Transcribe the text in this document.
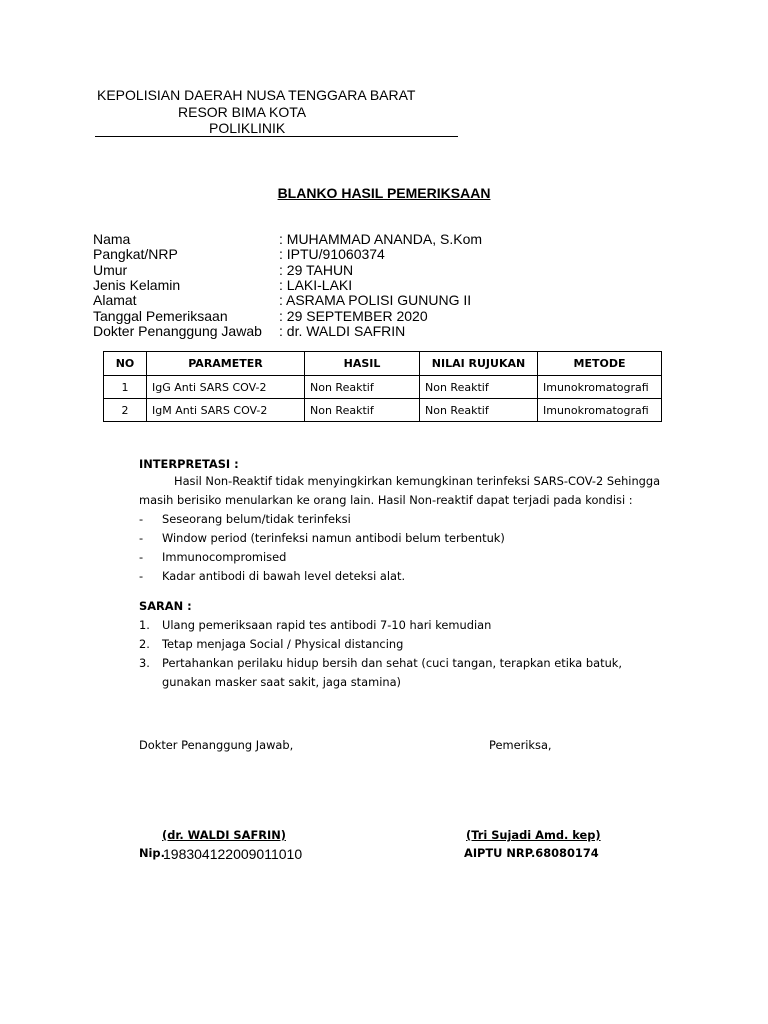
KEPOLISIAN DAERAH NUSA TENGGARA BARAT
RESOR BIMA KOTA
POLIKLINIK
BLANKO HASIL PEMERIKSAAN
Nama	: MUHAMMAD ANANDA, S.Kom
Pangkat/NRP	: IPTU/91060374
Umur	: 29 TAHUN
Jenis Kelamin	: LAKI-LAKI
Alamat	: ASRAMA POLISI GUNUNG II
Tanggal Pemeriksaan	: 29 SEPTEMBER 2020
Dokter Penanggung Jawab : dr. WALDI SAFRIN
NO	PARAMETER	HASIL	NILAI RUJUKAN	METODE
1	IgG Anti SARS COV-2	Non Reaktif	Non Reaktif	Imunokromatografi
2	IgM Anti SARS COV-2	Non Reaktif	Non Reaktif	Imunokromatografi
INTERPRETASI :
Hasil Non-Reaktif tidak menyingkirkan kemungkinan terinfeksi SARS-COV-2 Sehingga
masih berisiko menularkan ke orang lain. Hasil Non-reaktif dapat terjadi pada kondisi :
- Seseorang belum/tidak terinfeksi
- Window period (terinfeksi namun antibodi belum terbentuk)
- Immunocompromised
- Kadar antibodi di bawah level deteksi alat.
SARAN :
1. Ulang pemeriksaan rapid tes antibodi 7-10 hari kemudian
2. Tetap menjaga Social / Physical distancing
3. Pertahankan perilaku hidup bersih dan sehat (cuci tangan, terapkan etika batuk,
gunakan masker saat sakit, jaga stamina)
Dokter Penanggung Jawab,	Pemeriksa,
(dr. WALDI SAFRIN)	(Tri Sujadi Amd. kep)
Nip.
198304122009011010	AIPTU NRP.68080174
